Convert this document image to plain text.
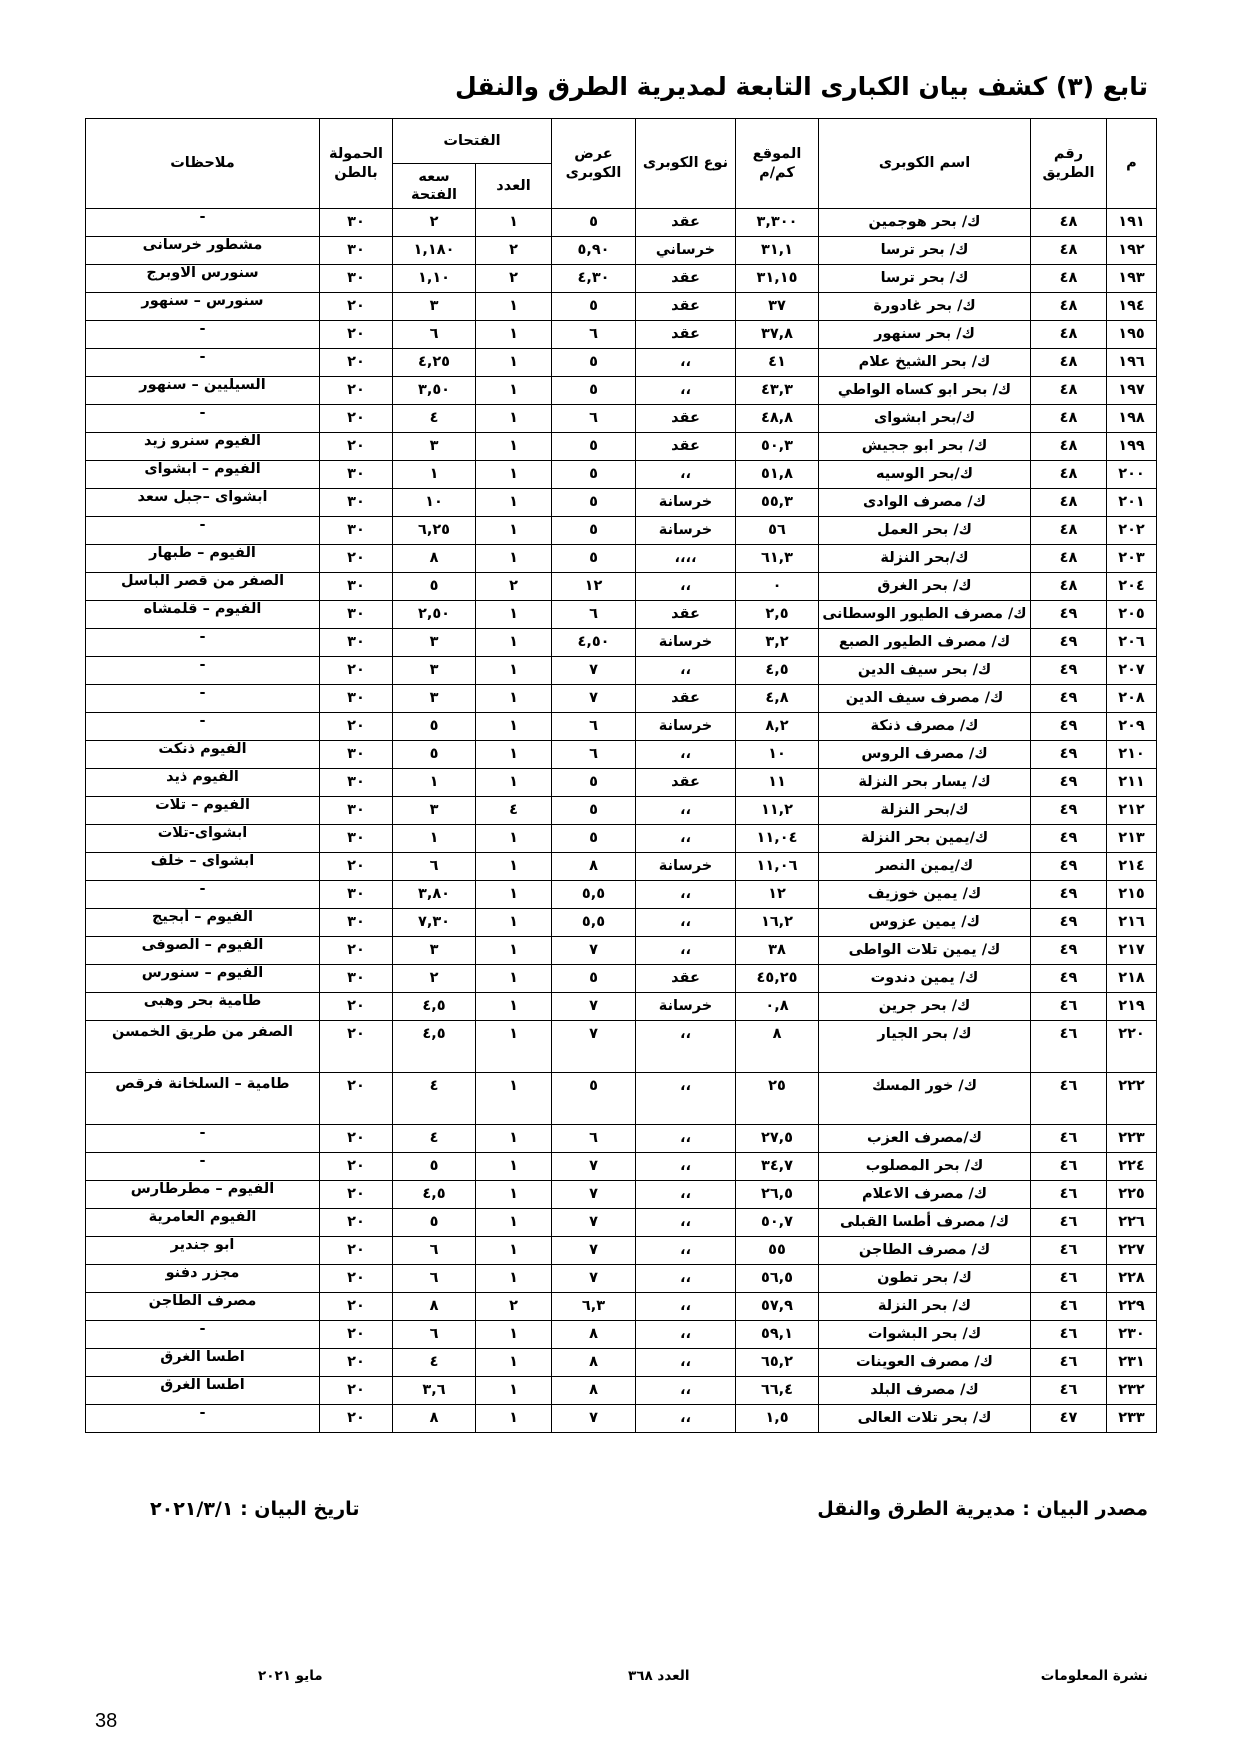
تابع (٣) كشف بيان الكبارى التابعة لمديرية الطرق والنقل
م	رقم الطريق	اسم الكوبرى	الموقع كم/م	نوع الكوبرى	عرض الكوبرى	الفتحات		الحمولة بالطن	ملاحظات
						العدد	سعه الفتحة		
١٩١	٤٨	ك/ بحر هوجمين	٣,٣٠٠	عقد	٥	١	٢	٣٠	-
١٩٢	٤٨	ك/ بحر ترسا	٣١,١	خرساني	٥,٩٠	٢	١,١٨٠	٣٠	مشطور خرسانى
١٩٣	٤٨	ك/ بحر ترسا	٣١,١٥	عقد	٤,٣٠	٢	١,١٠	٣٠	سنورس الاوبرج
١٩٤	٤٨	ك/ بحر غادورة	٣٧	عقد	٥	١	٣	٢٠	سنورس – سنهور
١٩٥	٤٨	ك/ بحر سنهور	٣٧,٨	عقد	٦	١	٦	٢٠	-
١٩٦	٤٨	ك/ بحر الشيخ علام	٤١	،،	٥	١	٤,٢٥	٢٠	-
١٩٧	٤٨	ك/ بحر ابو كساه الواطي	٤٣,٣	،،	٥	١	٣,٥٠	٢٠	السيليين – سنهور
١٩٨	٤٨	ك/بحر ابشواى	٤٨,٨	عقد	٦	١	٤	٢٠	-
١٩٩	٤٨	ك/ بحر ابو ججيش	٥٠,٣	عقد	٥	١	٣	٢٠	الفيوم سنرو زيد
٢٠٠	٤٨	ك/بحر الوسيه	٥١,٨	،،	٥	١	١	٣٠	الفيوم – ابشواى
٢٠١	٤٨	ك/ مصرف الوادى	٥٥,٣	خرسانة	٥	١	١٠	٣٠	ابشواى –جبل سعد
٢٠٢	٤٨	ك/ بحر العمل	٥٦	خرسانة	٥	١	٦,٢٥	٣٠	-
٢٠٣	٤٨	ك/بحر النزلة	٦١,٣	،،،،	٥	١	٨	٢٠	الفيوم – طبهار
٢٠٤	٤٨	ك/ بحر الغرق	٠	،،	١٢	٢	٥	٣٠	الصفر من قصر الباسل
٢٠٥	٤٩	ك/ مصرف الطيور الوسطانى	٢,٥	عقد	٦	١	٢,٥٠	٣٠	الفيوم – قلمشاه
٢٠٦	٤٩	ك/ مصرف الطيور الصبع	٣,٢	خرسانة	٤,٥٠	١	٣	٣٠	-
٢٠٧	٤٩	ك/ بحر سيف الدين	٤,٥	،،	٧	١	٣	٢٠	-
٢٠٨	٤٩	ك/ مصرف سيف الدين	٤,٨	عقد	٧	١	٣	٣٠	-
٢٠٩	٤٩	ك/ مصرف ذنكة	٨,٢	خرسانة	٦	١	٥	٢٠	-
٢١٠	٤٩	ك/ مصرف الروس	١٠	،،	٦	١	٥	٣٠	الفيوم ذنكت
٢١١	٤٩	ك/ يسار بحر النزلة	١١	عقد	٥	١	١	٣٠	الفيوم ذيد
٢١٢	٤٩	ك/بحر النزلة	١١,٢	،،	٥	٤	٣	٣٠	الفيوم – تلات
٢١٣	٤٩	ك/يمين بحر النزلة	١١,٠٤	،،	٥	١	١	٣٠	ابشواى-تلات
٢١٤	٤٩	ك/يمين النصر	١١,٠٦	خرسانة	٨	١	٦	٢٠	ابشواى – خلف
٢١٥	٤٩	ك/ يمين خوزيف	١٢	،،	٥,٥	١	٣,٨٠	٣٠	-
٢١٦	٤٩	ك/ يمين عزوس	١٦,٢	،،	٥,٥	١	٧,٣٠	٣٠	الفيوم – أبجيج
٢١٧	٤٩	ك/ يمين تلات الواطى	٣٨	،،	٧	١	٣	٢٠	الفيوم – الصوفى
٢١٨	٤٩	ك/ يمين دندوت	٤٥,٢٥	عقد	٥	١	٢	٣٠	الفيوم – سنورس
٢١٩	٤٦	ك/ بحر جرين	٠,٨	خرسانة	٧	١	٤,٥	٢٠	طامية بحر وهبى
٢٢٠	٤٦	ك/ بحر الجيار	٨	،،	٧	١	٤,٥	٢٠	الصفر من طريق الخمسن
٢٢٢	٤٦	ك/ خور المسك	٢٥	،،	٥	١	٤	٢٠	طامية – السلخانة فرقص
٢٢٣	٤٦	ك/مصرف العزب	٢٧,٥	،،	٦	١	٤	٢٠	-
٢٢٤	٤٦	ك/ بحر المصلوب	٣٤,٧	،،	٧	١	٥	٢٠	-
٢٢٥	٤٦	ك/ مصرف الاعلام	٢٦,٥	،،	٧	١	٤,٥	٢٠	الفيوم – مطرطارس
٢٢٦	٤٦	ك/ مصرف أطسا القبلى	٥٠,٧	،،	٧	١	٥	٢٠	الفيوم العامرية
٢٢٧	٤٦	ك/ مصرف الطاجن	٥٥	،،	٧	١	٦	٢٠	ابو جندير
٢٢٨	٤٦	ك/ بحر تطون	٥٦,٥	،،	٧	١	٦	٢٠	مجزر دفنو
٢٢٩	٤٦	ك/ بحر النزلة	٥٧,٩	،،	٦,٣	٢	٨	٢٠	مصرف الطاجن
٢٣٠	٤٦	ك/ بحر البشوات	٥٩,١	،،	٨	١	٦	٢٠	-
٢٣١	٤٦	ك/ مصرف العوينات	٦٥,٢	،،	٨	١	٤	٢٠	اطسا الغرق
٢٣٢	٤٦	ك/ مصرف البلد	٦٦,٤	،،	٨	١	٣,٦	٢٠	اطسا الغرق
٢٣٣	٤٧	ك/ بحر تلات العالى	١,٥	،،	٧	١	٨	٢٠	-
مصدر البيان : مديرية الطرق والنقل
تاريخ البيان : ٢٠٢١/٣/١
نشرة المعلومات
العدد ٣٦٨
مايو ٢٠٢١
38
